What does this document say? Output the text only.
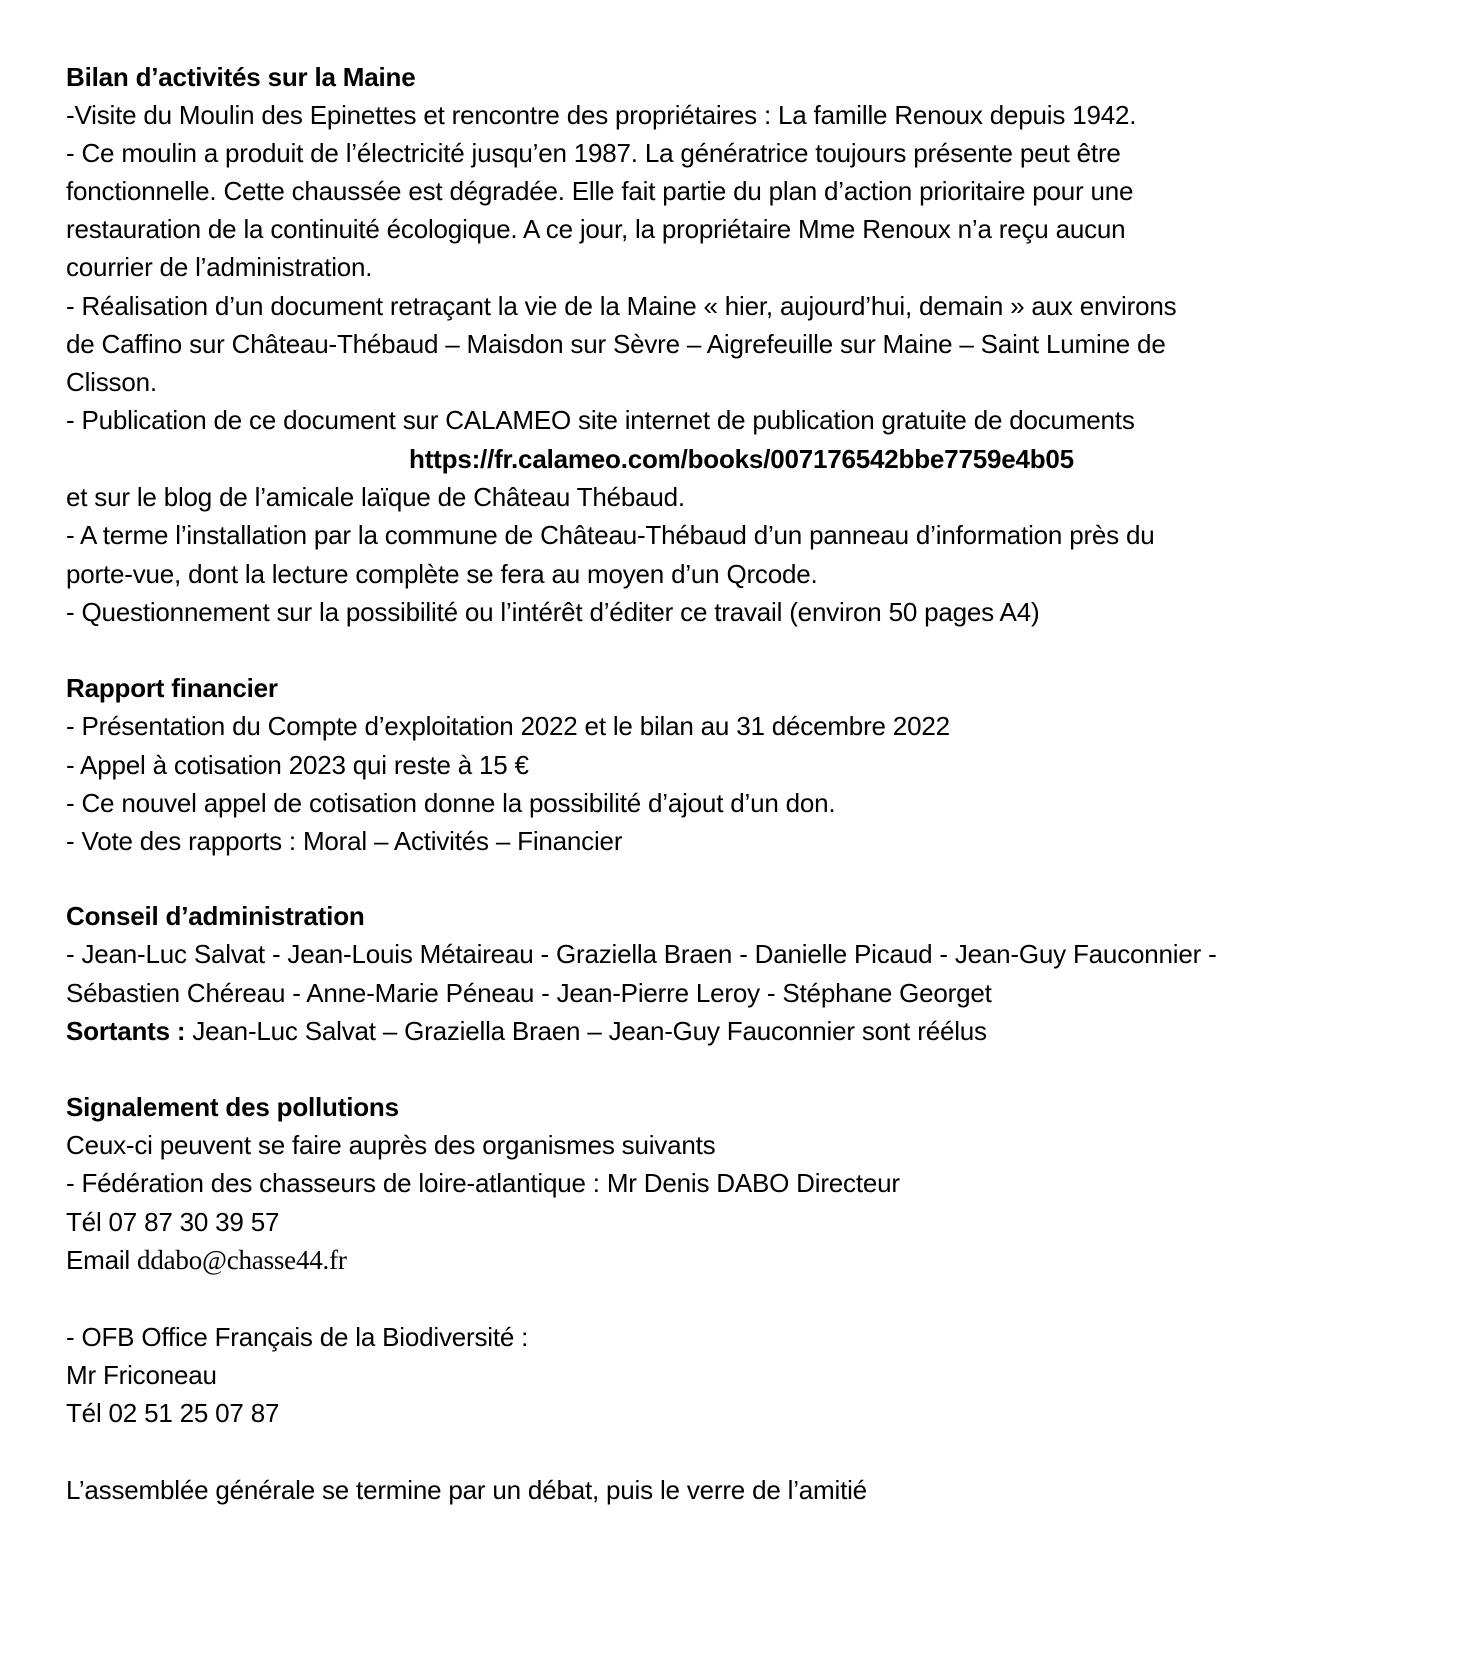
Bilan d’activités sur la Maine
-Visite du Moulin des Epinettes et rencontre des propriétaires : La famille Renoux depuis 1942.
- Ce moulin a produit de l’électricité jusqu’en 1987. La génératrice toujours présente peut être
fonctionnelle. Cette chaussée est dégradée. Elle fait partie du plan d’action prioritaire pour une
restauration de la continuité écologique. A ce jour, la propriétaire Mme Renoux n’a reçu aucun
courrier de l’administration.
- Réalisation d’un document retraçant la vie de la Maine « hier, aujourd’hui, demain » aux environs
de Caffino sur Château-Thébaud – Maisdon sur Sèvre – Aigrefeuille sur Maine – Saint Lumine de
Clisson.
- Publication de ce document sur CALAMEO site internet de publication gratuite de documents
https://fr.calameo.com/books/007176542bbe7759e4b05
et sur le blog de l’amicale laïque de Château Thébaud.
- A terme l’installation par la commune de Château-Thébaud d’un panneau d’information près du
porte-vue, dont la lecture complète se fera au moyen d’un Qrcode.
- Questionnement sur la possibilité ou l’intérêt d’éditer ce travail (environ 50 pages A4)
Rapport financier
- Présentation du Compte d’exploitation 2022 et le bilan au 31 décembre 2022
- Appel à cotisation 2023 qui reste à 15 €
- Ce nouvel appel de cotisation donne la possibilité d’ajout d’un don.
- Vote des rapports : Moral – Activités – Financier
Conseil d’administration
- Jean-Luc Salvat - Jean-Louis Métaireau - Graziella Braen - Danielle Picaud - Jean-Guy Fauconnier -
Sébastien Chéreau - Anne-Marie Péneau - Jean-Pierre Leroy - Stéphane Georget
Sortants : Jean-Luc Salvat – Graziella Braen – Jean-Guy Fauconnier sont réélus
Signalement des pollutions
Ceux-ci peuvent se faire auprès des organismes suivants
- Fédération des chasseurs de loire-atlantique : Mr Denis DABO Directeur
Tél 07 87 30 39 57
Email ddabo@chasse44.fr
- OFB Office Français de la Biodiversité :
Mr Friconeau
Tél 02 51 25 07 87
L’assemblée générale se termine par un débat, puis le verre de l’amitié
